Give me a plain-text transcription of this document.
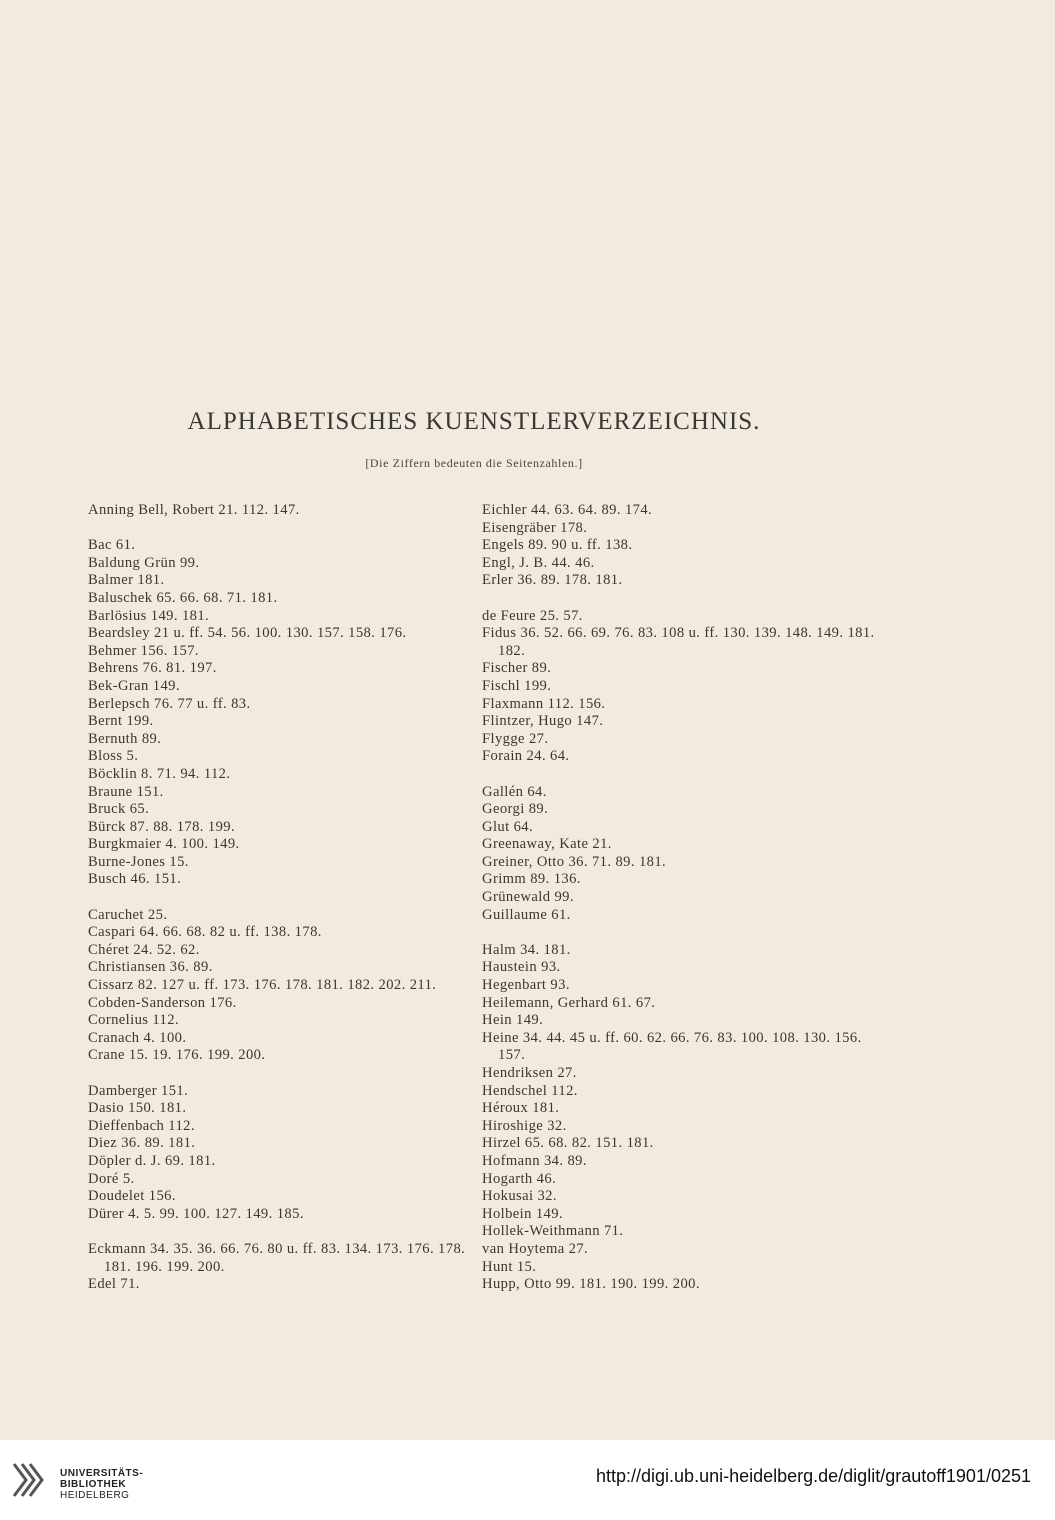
ALPHABETISCHES KUENSTLERVERZEICHNIS.
[Die Ziffern bedeuten die Seitenzahlen.]
Anning Bell, Robert 21. 112. 147.
Bac 61.
Baldung Grün 99.
Balmer 181.
Baluschek 65. 66. 68. 71. 181.
Barlösius 149. 181.
Beardsley 21 u. ff. 54. 56. 100. 130. 157. 158. 176.
Behmer 156. 157.
Behrens 76. 81. 197.
Bek-Gran 149.
Berlepsch 76. 77 u. ff. 83.
Bernt 199.
Bernuth 89.
Bloss 5.
Böcklin 8. 71. 94. 112.
Braune 151.
Bruck 65.
Bürck 87. 88. 178. 199.
Burgkmaier 4. 100. 149.
Burne-Jones 15.
Busch 46. 151.
Caruchet 25.
Caspari 64. 66. 68. 82 u. ff. 138. 178.
Chéret 24. 52. 62.
Christiansen 36. 89.
Cissarz 82. 127 u. ff. 173. 176. 178. 181. 182. 202. 211.
Cobden-Sanderson 176.
Cornelius 112.
Cranach 4. 100.
Crane 15. 19. 176. 199. 200.
Damberger 151.
Dasio 150. 181.
Dieffenbach 112.
Diez 36. 89. 181.
Döpler d. J. 69. 181.
Doré 5.
Doudelet 156.
Dürer 4. 5. 99. 100. 127. 149. 185.
Eckmann 34. 35. 36. 66. 76. 80 u. ff. 83. 134. 173. 176. 178. 181. 196. 199. 200.
Edel 71.
Eichler 44. 63. 64. 89. 174.
Eisengräber 178.
Engels 89. 90 u. ff. 138.
Engl, J. B. 44. 46.
Erler 36. 89. 178. 181.
de Feure 25. 57.
Fidus 36. 52. 66. 69. 76. 83. 108 u. ff. 130. 139. 148. 149. 181. 182.
Fischer 89.
Fischl 199.
Flaxmann 112. 156.
Flintzer, Hugo 147.
Flygge 27.
Forain 24. 64.
Gallén 64.
Georgi 89.
Glut 64.
Greenaway, Kate 21.
Greiner, Otto 36. 71. 89. 181.
Grimm 89. 136.
Grünewald 99.
Guillaume 61.
Halm 34. 181.
Haustein 93.
Hegenbart 93.
Heilemann, Gerhard 61. 67.
Hein 149.
Heine 34. 44. 45 u. ff. 60. 62. 66. 76. 83. 100. 108. 130. 156. 157.
Hendriksen 27.
Hendschel 112.
Héroux 181.
Hiroshige 32.
Hirzel 65. 68. 82. 151. 181.
Hofmann 34. 89.
Hogarth 46.
Hokusai 32.
Holbein 149.
Hollek-Weithmann 71.
van Hoytema 27.
Hunt 15.
Hupp, Otto 99. 181. 190. 199. 200.
UNIVERSITÄTS-
BIBLIOTHEK
HEIDELBERG
http://digi.ub.uni-heidelberg.de/diglit/grautoff1901/0251
